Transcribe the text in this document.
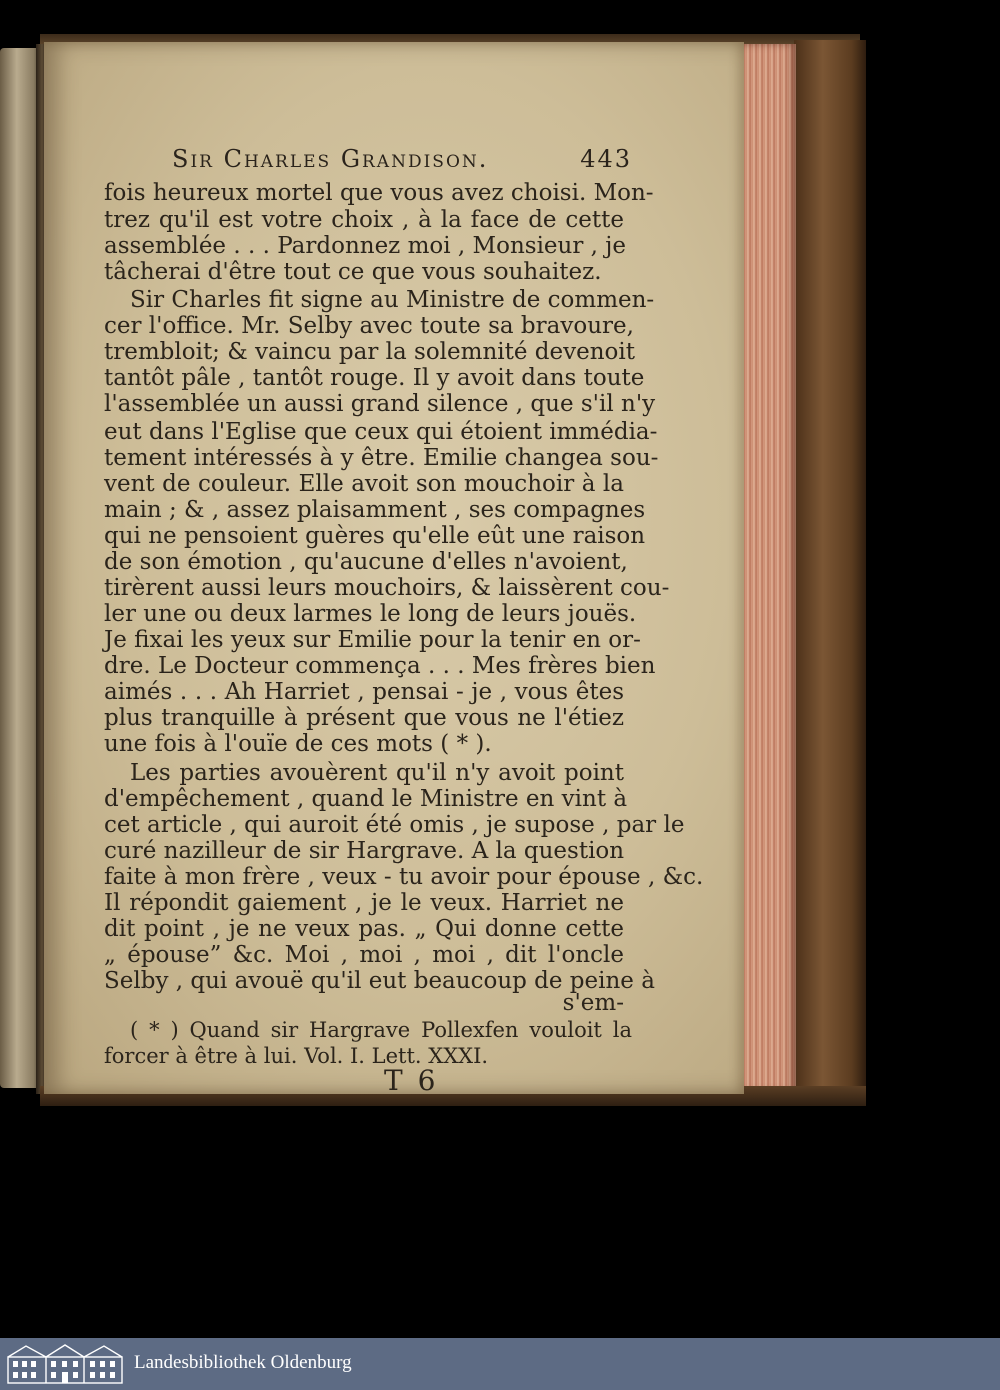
Sir Charles Grandison.	443
fois heureux mortel que vous avez choisi. Mon-
trez qu'il est votre choix , à la face de cette
assemblée . . . Pardonnez moi , Monsieur , je
tâcherai d'être tout ce que vous souhaitez.
Sir Charles fit signe au Ministre de commen-
cer l'office. Mr. Selby avec toute sa bravoure,
trembloit; & vaincu par la solemnité devenoit
tantôt pâle , tantôt rouge. Il y avoit dans toute
l'assemblée un aussi grand silence , que s'il n'y
eut dans l'Eglise que ceux qui étoient immédia-
tement intéressés à y être. Emilie changea sou-
vent de couleur. Elle avoit son mouchoir à la
main ; & , assez plaisamment , ses compagnes
qui ne pensoient guères qu'elle eût une raison
de son émotion , qu'aucune d'elles n'avoient,
tirèrent aussi leurs mouchoirs, & laissèrent cou-
ler une ou deux larmes le long de leurs jouës.
Je fixai les yeux sur Emilie pour la tenir en or-
dre. Le Docteur commença . . . Mes frères bien
aimés . . . Ah Harriet , pensai - je , vous êtes
plus tranquille à présent que vous ne l'étiez
une fois à l'ouïe de ces mots ( * ).
Les parties avouèrent qu'il n'y avoit point
d'empêchement , quand le Ministre en vint à
cet article , qui auroit été omis , je supose , par le
curé nazilleur de sir Hargrave. A la question
faite à mon frère , veux - tu avoir pour épouse , &c.
Il répondit gaiement , je le veux. Harriet ne
dit point , je ne veux pas. „ Qui donne cette
„ épouse” &c. Moi , moi , moi , dit l'oncle
Selby , qui avouë qu'il eut beaucoup de peine à
s'em-
( * ) Quand sir Hargrave Pollexfen vouloit la
forcer à être à lui. Vol. I. Lett. XXXI.
T 6
Landesbibliothek Oldenburg
